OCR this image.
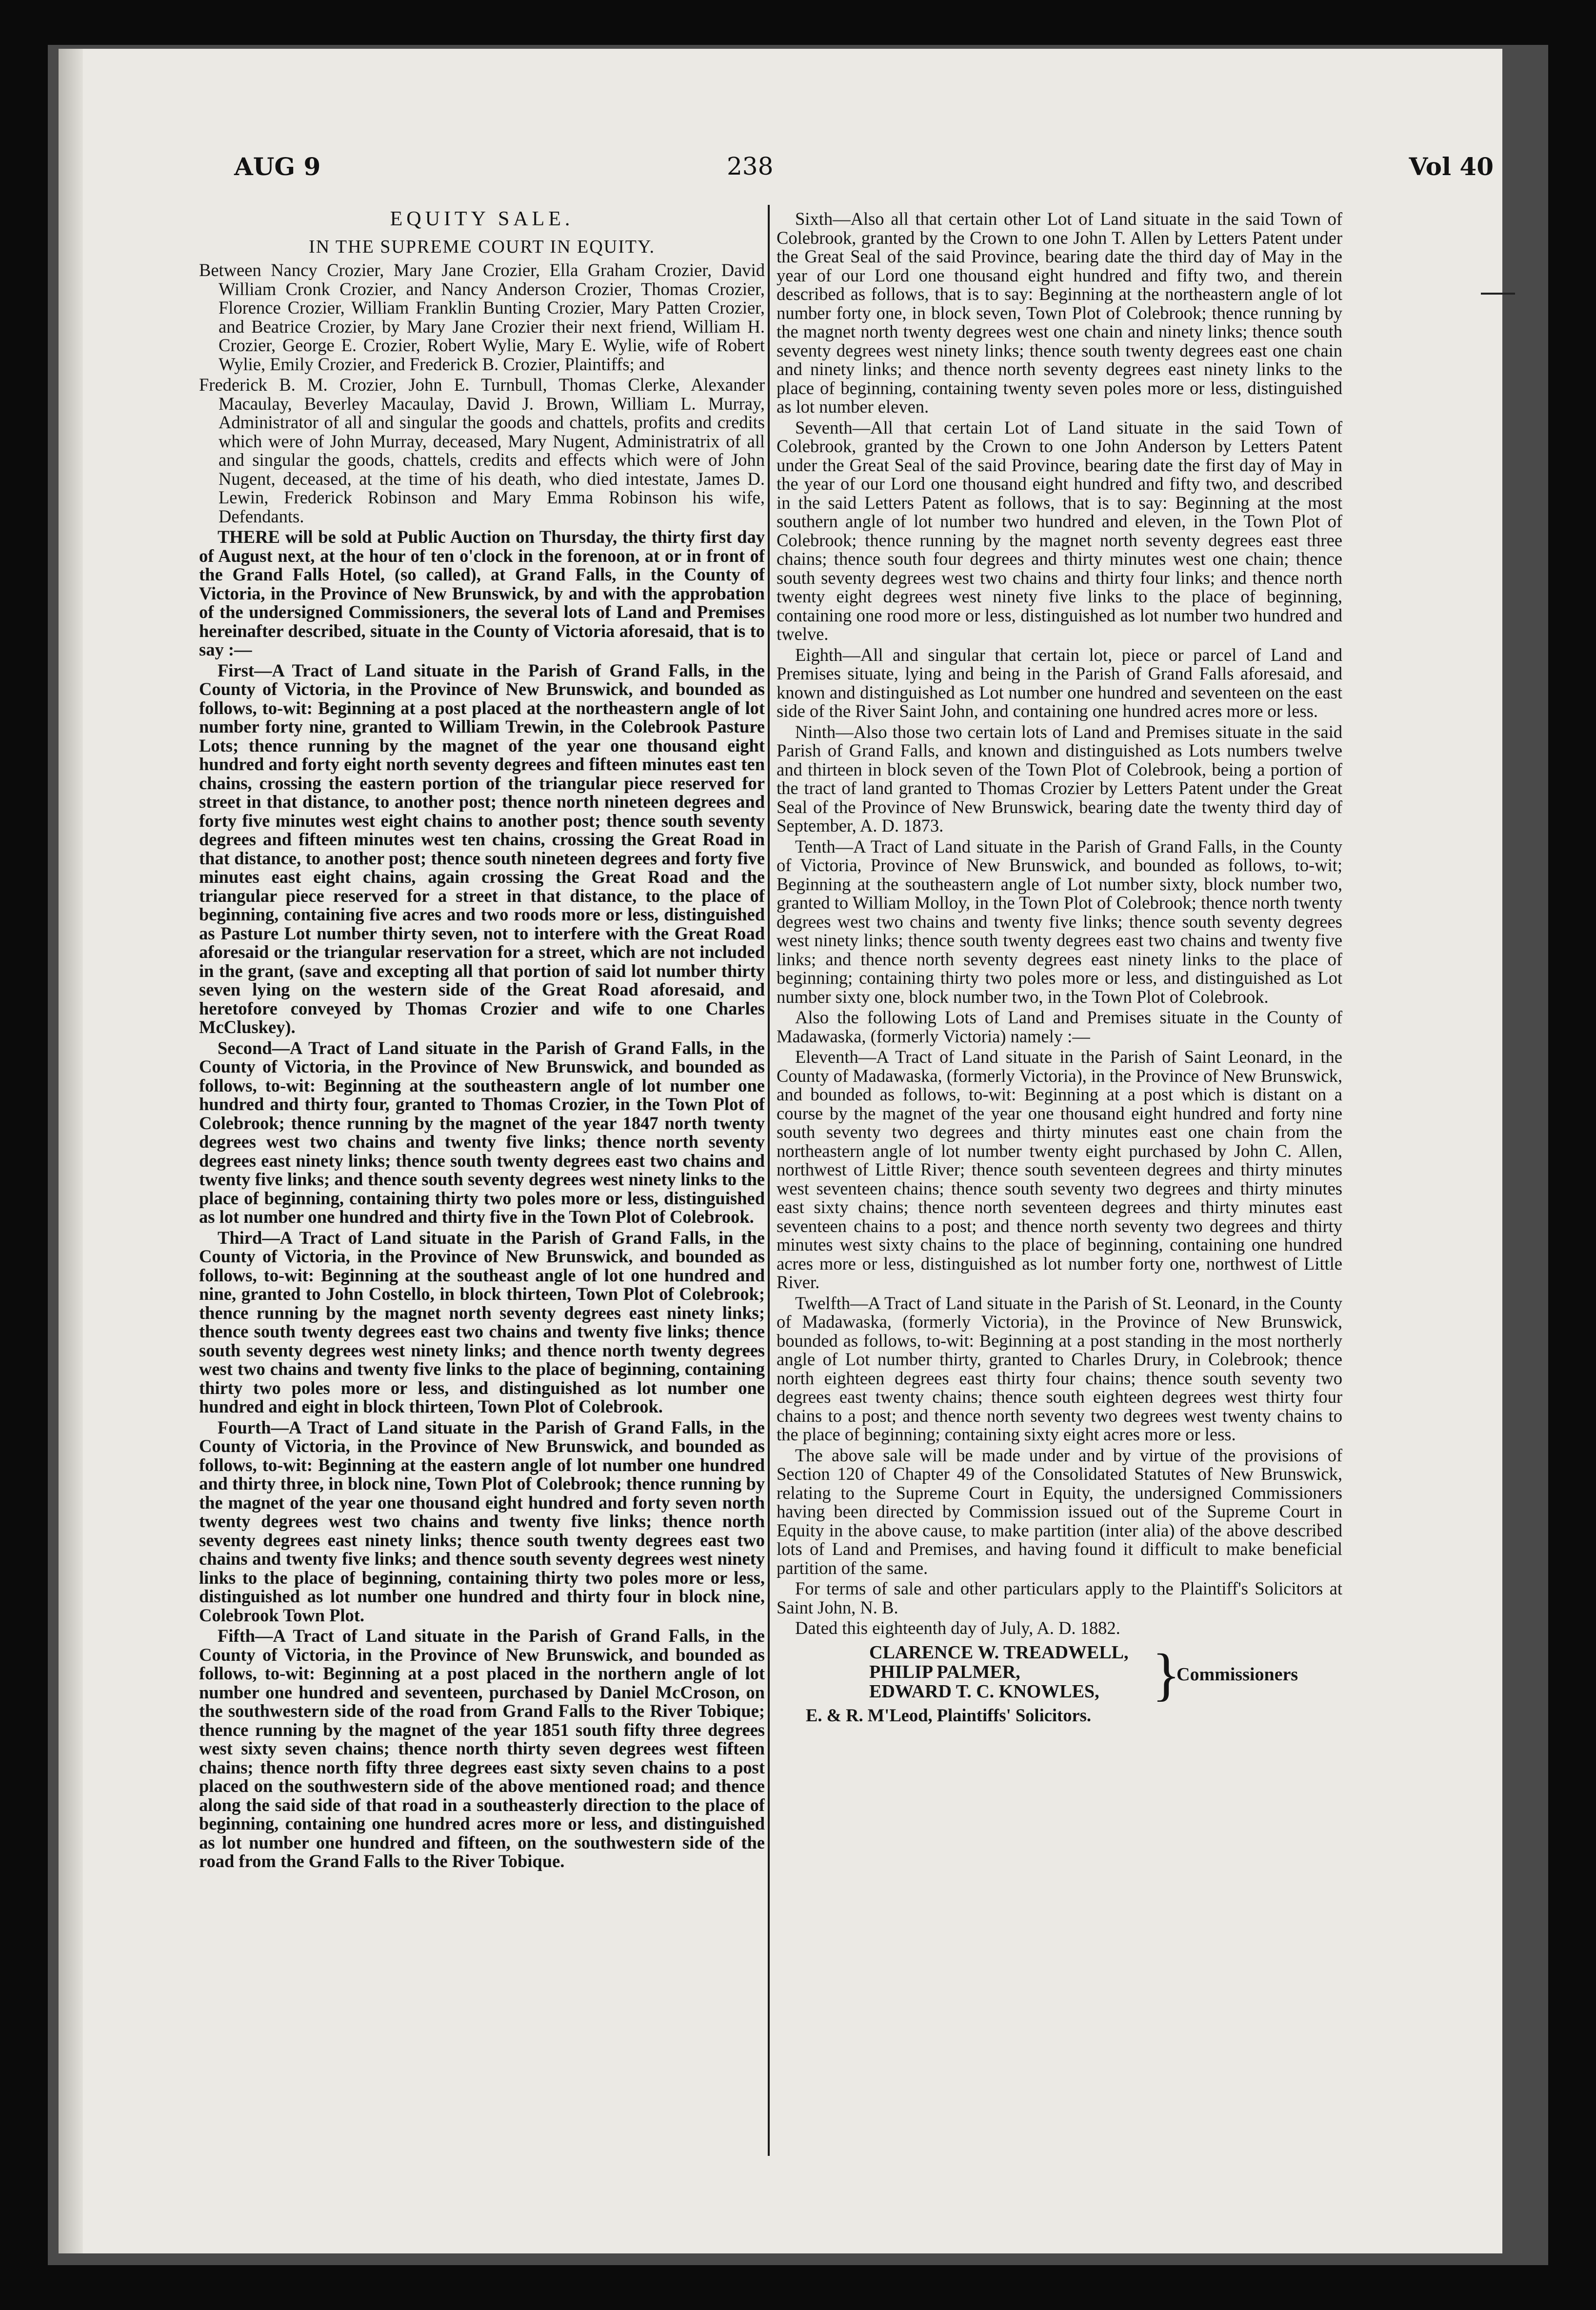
AUG 9	238	Vol 40
EQUITY SALE.
IN THE SUPREME COURT IN EQUITY.

Between Nancy Crozier, Mary Jane Crozier, Ella Graham Crozier, David William Cronk Crozier, and Nancy Anderson Crozier, Thomas Crozier, Florence Crozier, William Franklin Bunting Crozier, Mary Patten Crozier, and Beatrice Crozier, by Mary Jane Crozier their next friend, William H. Crozier, George E. Crozier, Robert Wylie, Mary E. Wylie, wife of Robert Wylie, Emily Crozier, and Frederick B. Crozier, Plaintiffs; and

Frederick B. M. Crozier, John E. Turnbull, Thomas Clerke, Alexander Macaulay, Beverley Macaulay, David J. Brown, William L. Murray, Administrator of all and singular the goods and chattels, profits and credits which were of John Murray, deceased, Mary Nugent, Administratrix of all and singular the goods, chattels, credits and effects which were of John Nugent, deceased, at the time of his death, who died intestate, James D. Lewin, Frederick Robinson and Mary Emma Robinson his wife, Defendants.

THERE will be sold at Public Auction on Thursday, the thirty first day of August next, at the hour of ten o'clock in the forenoon, at or in front of the Grand Falls Hotel, (so called), at Grand Falls, in the County of Victoria, in the Province of New Brunswick, by and with the approbation of the undersigned Commissioners, the several lots of Land and Premises hereinafter described, situate in the County of Victoria aforesaid, that is to say :—

First—A Tract of Land situate in the Parish of Grand Falls, in the County of Victoria, in the Province of New Brunswick, and bounded as follows, to-wit: Beginning at a post placed at the northeastern angle of lot number forty nine, granted to William Trewin, in the Colebrook Pasture Lots; thence running by the magnet of the year one thousand eight hundred and forty eight north seventy degrees and fifteen minutes east ten chains, crossing the eastern portion of the triangular piece reserved for street in that distance, to another post; thence north nineteen degrees and forty five minutes west eight chains to another post; thence south seventy degrees and fifteen minutes west ten chains, crossing the Great Road in that distance, to another post; thence south nineteen degrees and forty five minutes east eight chains, again crossing the Great Road and the triangular piece reserved for a street in that distance, to the place of beginning, containing five acres and two roods more or less, distinguished as Pasture Lot number thirty seven, not to interfere with the Great Road aforesaid or the triangular reservation for a street, which are not included in the grant, (save and excepting all that portion of said lot number thirty seven lying on the western side of the Great Road aforesaid, and heretofore conveyed by Thomas Crozier and wife to one Charles McCluskey).

Second—A Tract of Land situate in the Parish of Grand Falls, in the County of Victoria, in the Province of New Brunswick, and bounded as follows, to-wit: Beginning at the southeastern angle of lot number one hundred and thirty four, granted to Thomas Crozier, in the Town Plot of Colebrook; thence running by the magnet of the year 1847 north twenty degrees west two chains and twenty five links; thence north seventy degrees east ninety links; thence south twenty degrees east two chains and twenty five links; and thence south seventy degrees west ninety links to the place of beginning, containing thirty two poles more or less, distinguished as lot number one hundred and thirty five in the Town Plot of Colebrook.

Third—A Tract of Land situate in the Parish of Grand Falls, in the County of Victoria, in the Province of New Brunswick, and bounded as follows, to-wit: Beginning at the southeast angle of lot one hundred and nine, granted to John Costello, in block thirteen, Town Plot of Colebrook; thence running by the magnet north seventy degrees east ninety links; thence south twenty degrees east two chains and twenty five links; thence south seventy degrees west ninety links; and thence north twenty degrees west two chains and twenty five links to the place of beginning, containing thirty two poles more or less, and distinguished as lot number one hundred and eight in block thirteen, Town Plot of Colebrook.

Fourth—A Tract of Land situate in the Parish of Grand Falls, in the County of Victoria, in the Province of New Brunswick, and bounded as follows, to-wit: Beginning at the eastern angle of lot number one hundred and thirty three, in block nine, Town Plot of Colebrook; thence running by the magnet of the year one thousand eight hundred and forty seven north twenty degrees west two chains and twenty five links; thence north seventy degrees east ninety links; thence south twenty degrees east two chains and twenty five links; and thence south seventy degrees west ninety links to the place of beginning, containing thirty two poles more or less, distinguished as lot number one hundred and thirty four in block nine, Colebrook Town Plot.

Fifth—A Tract of Land situate in the Parish of Grand Falls, in the County of Victoria, in the Province of New Brunswick, and bounded as follows, to-wit: Beginning at a post placed in the northern angle of lot number one hundred and seventeen, purchased by Daniel McCroson, on the southwestern side of the road from Grand Falls to the River Tobique; thence running by the magnet of the year 1851 south fifty three degrees west sixty seven chains; thence north thirty seven degrees west fifteen chains; thence north fifty three degrees east sixty seven chains to a post placed on the southwestern side of the above mentioned road; and thence along the said side of that road in a southeasterly direction to the place of beginning, containing one hundred acres more or less, and distinguished as lot number one hundred and fifteen, on the southwestern side of the road from the Grand Falls to the River Tobique.

Sixth—Also all that certain other Lot of Land situate in the said Town of Colebrook, granted by the Crown to one John T. Allen by Letters Patent under the Great Seal of the said Province, bearing date the third day of May in the year of our Lord one thousand eight hundred and fifty two, and therein described as follows, that is to say: Beginning at the northeastern angle of lot number forty one, in block seven, Town Plot of Colebrook; thence running by the magnet north twenty degrees west one chain and ninety links; thence south seventy degrees west ninety links; thence south twenty degrees east one chain and ninety links; and thence north seventy degrees east ninety links to the place of beginning, containing twenty seven poles more or less, distinguished as lot number eleven.

Seventh—All that certain Lot of Land situate in the said Town of Colebrook, granted by the Crown to one John Anderson by Letters Patent under the Great Seal of the said Province, bearing date the first day of May in the year of our Lord one thousand eight hundred and fifty two, and described in the said Letters Patent as follows, that is to say: Beginning at the most southern angle of lot number two hundred and eleven, in the Town Plot of Colebrook; thence running by the magnet north seventy degrees east three chains; thence south four degrees and thirty minutes west one chain; thence south seventy degrees west two chains and thirty four links; and thence north twenty eight degrees west ninety five links to the place of beginning, containing one rood more or less, distinguished as lot number two hundred and twelve.

Eighth—All and singular that certain lot, piece or parcel of Land and Premises situate, lying and being in the Parish of Grand Falls aforesaid, and known and distinguished as Lot number one hundred and seventeen on the east side of the River Saint John, and containing one hundred acres more or less.

Ninth—Also those two certain lots of Land and Premises situate in the said Parish of Grand Falls, and known and distinguished as Lots numbers twelve and thirteen in block seven of the Town Plot of Colebrook, being a portion of the tract of land granted to Thomas Crozier by Letters Patent under the Great Seal of the Province of New Brunswick, bearing date the twenty third day of September, A. D. 1873.

Tenth—A Tract of Land situate in the Parish of Grand Falls, in the County of Victoria, Province of New Brunswick, and bounded as follows, to-wit; Beginning at the southeastern angle of Lot number sixty, block number two, granted to William Molloy, in the Town Plot of Colebrook; thence north twenty degrees west two chains and twenty five links; thence south seventy degrees west ninety links; thence south twenty degrees east two chains and twenty five links; and thence north seventy degrees east ninety links to the place of beginning; containing thirty two poles more or less, and distinguished as Lot number sixty one, block number two, in the Town Plot of Colebrook.

Also the following Lots of Land and Premises situate in the County of Madawaska, (formerly Victoria) namely :—

Eleventh—A Tract of Land situate in the Parish of Saint Leonard, in the County of Madawaska, (formerly Victoria), in the Province of New Brunswick, and bounded as follows, to-wit: Beginning at a post which is distant on a course by the magnet of the year one thousand eight hundred and forty nine south seventy two degrees and thirty minutes east one chain from the northeastern angle of lot number twenty eight purchased by John C. Allen, northwest of Little River; thence south seventeen degrees and thirty minutes west seventeen chains; thence south seventy two degrees and thirty minutes east sixty chains; thence north seventeen degrees and thirty minutes east seventeen chains to a post; and thence north seventy two degrees and thirty minutes west sixty chains to the place of beginning, containing one hundred acres more or less, distinguished as lot number forty one, northwest of Little River.

Twelfth—A Tract of Land situate in the Parish of St. Leonard, in the County of Madawaska, (formerly Victoria), in the Province of New Brunswick, bounded as follows, to-wit: Beginning at a post standing in the most northerly angle of Lot number thirty, granted to Charles Drury, in Colebrook; thence north eighteen degrees east thirty four chains; thence south seventy two degrees east twenty chains; thence south eighteen degrees west thirty four chains to a post; and thence north seventy two degrees west twenty chains to the place of beginning; containing sixty eight acres more or less.

The above sale will be made under and by virtue of the provisions of Section 120 of Chapter 49 of the Consolidated Statutes of New Brunswick, relating to the Supreme Court in Equity, the undersigned Commissioners having been directed by Commission issued out of the Supreme Court in Equity in the above cause, to make partition (inter alia) of the above described lots of Land and Premises, and having found it difficult to make beneficial partition of the same.

For terms of sale and other particulars apply to the Plaintiff's Solicitors at Saint John, N. B.

Dated this eighteenth day of July, A. D. 1882.

CLARENCE W. TREADWELL,
PHILIP PALMER,
EDWARD T. C. KNOWLES, }
Commissioners

E. & R. M'Leod, Plaintiffs' Solicitors.
